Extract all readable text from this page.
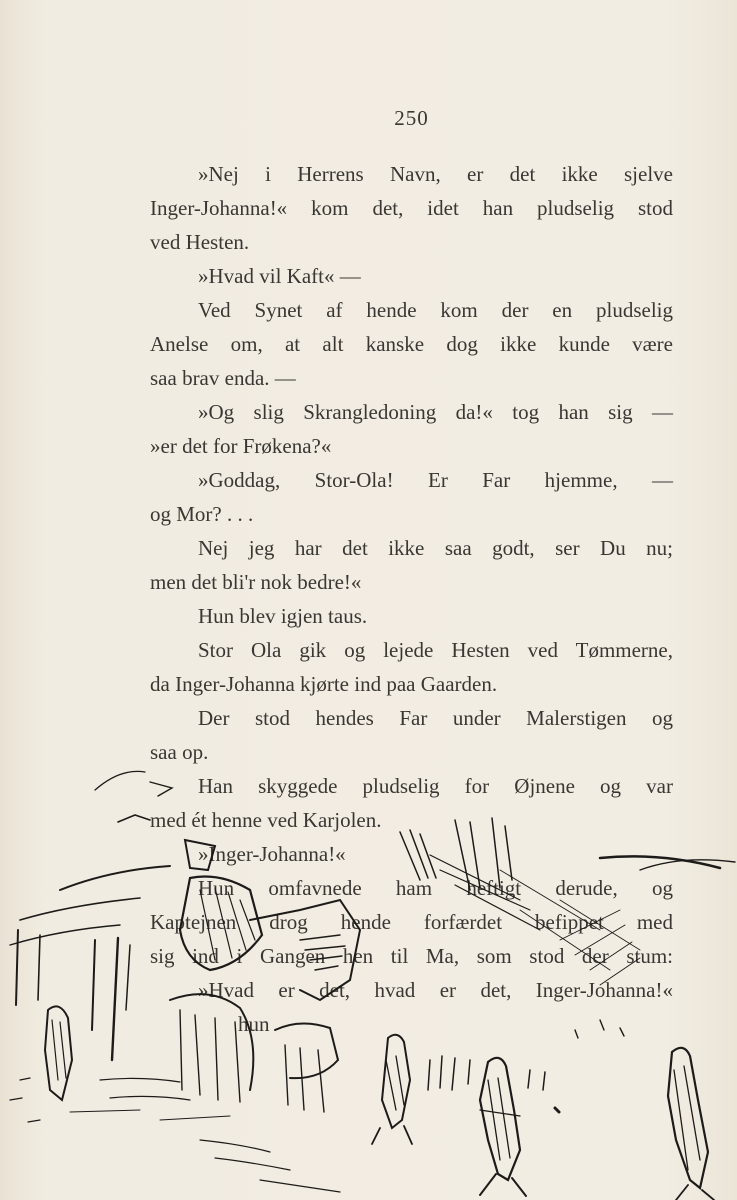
250
»Nej i Herrens Navn, er det ikke sjelve
Inger-Johanna!« kom det, idet han pludselig stod
ved Hesten.
»Hvad vil Kaft« —
Ved Synet af hende kom der en pludselig
Anelse om, at alt kanske dog ikke kunde være
saa brav enda. —
»Og slig Skrangledoning da!« tog han sig —
»er det for Frøkena?«
»Goddag, Stor-Ola! Er Far hjemme, —
og Mor? . . .
Nej jeg har det ikke saa godt, ser Du nu;
men det bli'r nok bedre!«
Hun blev igjen taus.
Stor Ola gik og lejede Hesten ved Tømmerne,
da Inger-Johanna kjørte ind paa Gaarden.
Der stod hendes Far under Malerstigen og
saa op.
Han skyggede pludselig for Øjnene og var
med ét henne ved Karjolen.
»Inger-Johanna!«
Hun omfavnede ham heftigt derude, og
Kaptejnen drog hende forfærdet befippet med
sig ind i Gangen hen til Ma, som stod der stum:
»Hvad er det, hvad er det, Inger-Johanna!«
hun
